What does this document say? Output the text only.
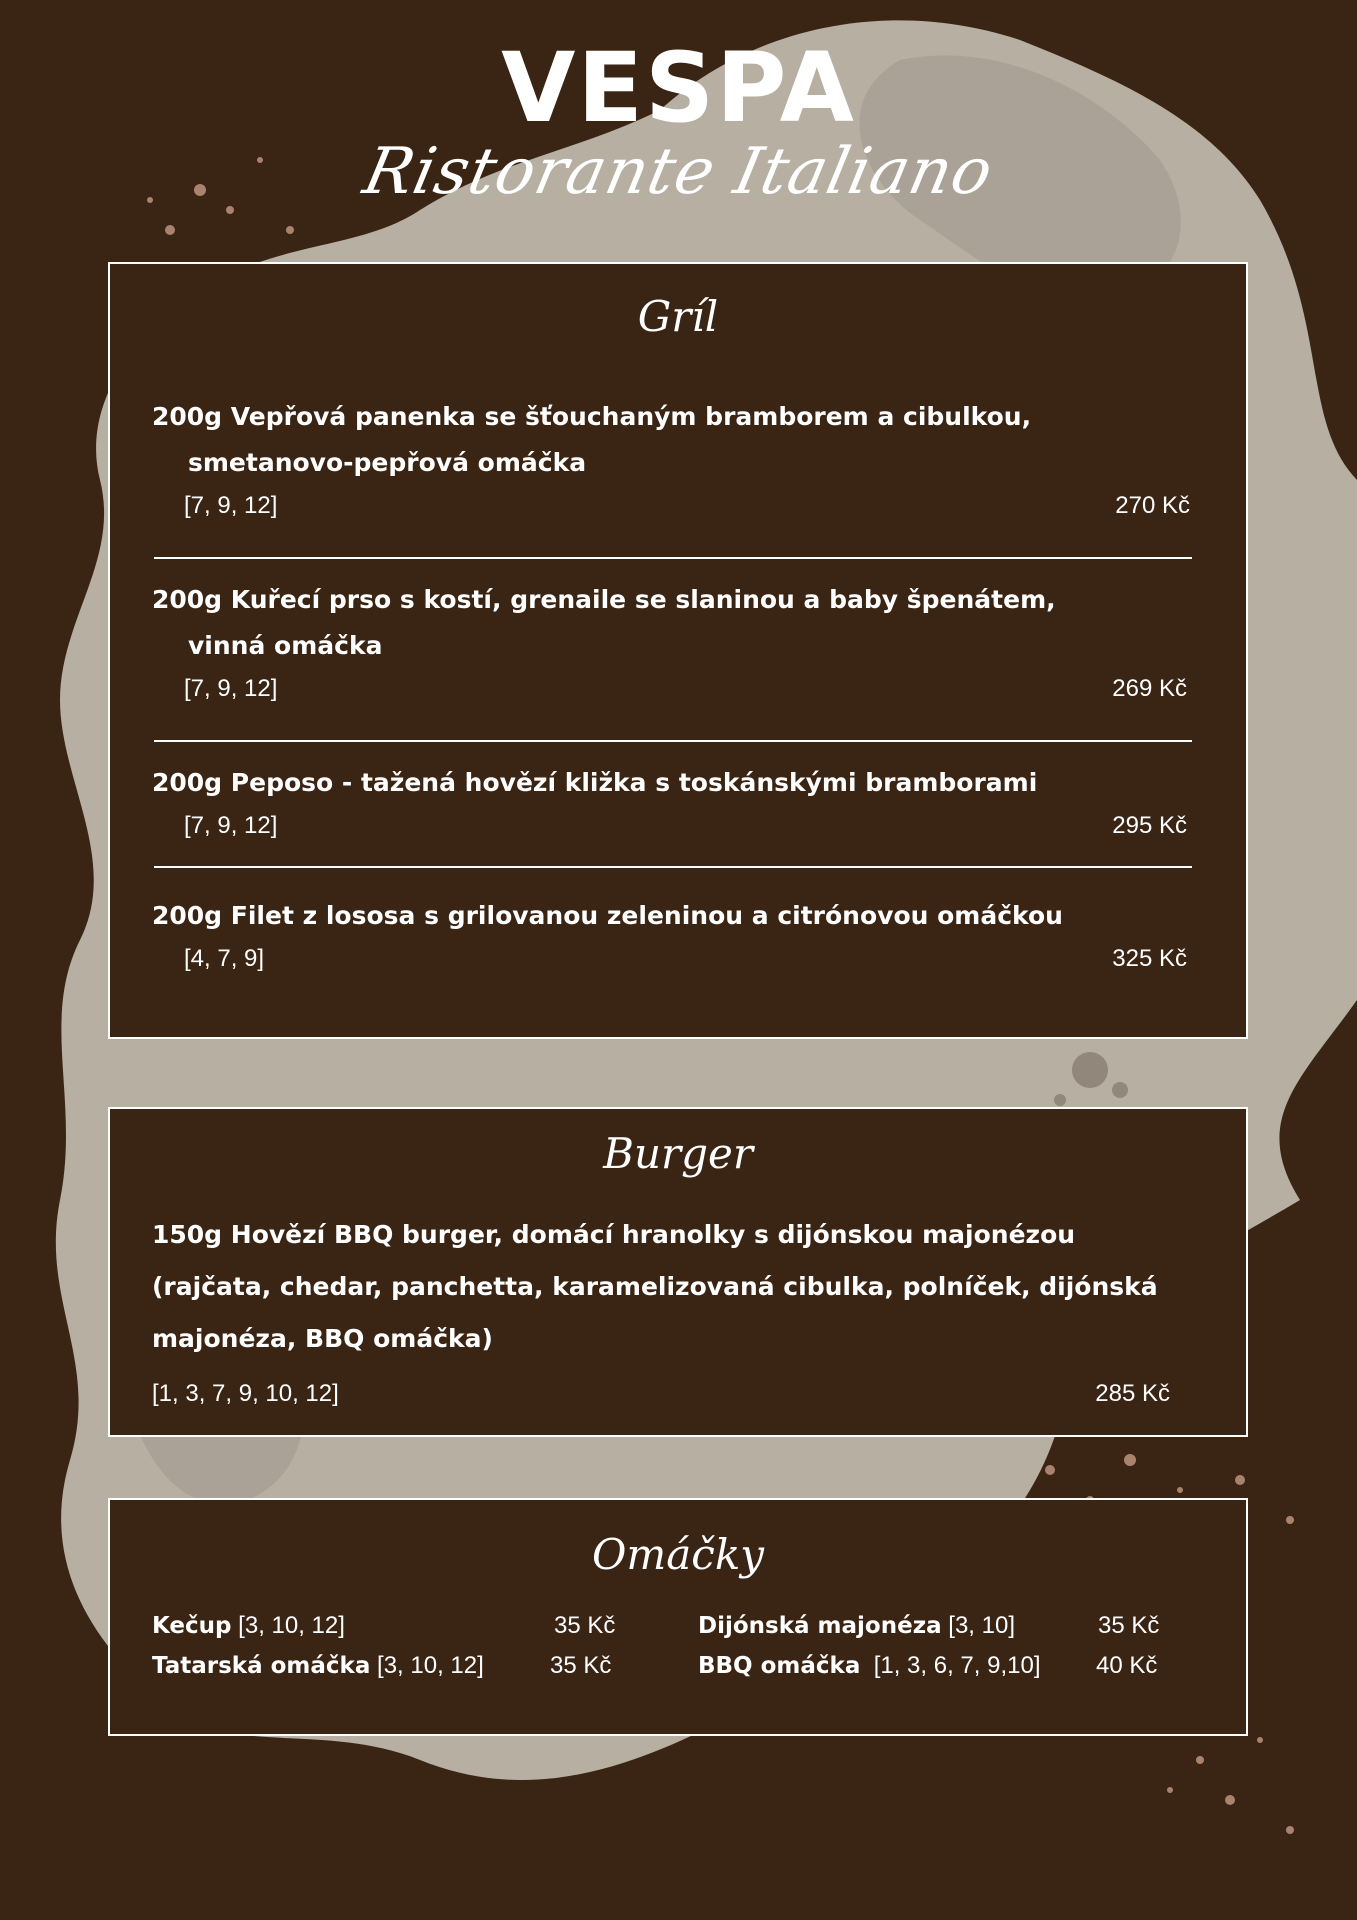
VESPA
Ristorante Italiano
Gríl
200g Vepřová panenka se šťouchaným bramborem a cibulkou,
smetanovo-pepřová omáčka
[7, 9, 12]	270 Kč
200g Kuřecí prso s kostí, grenaile se slaninou a baby špenátem,
vinná omáčka
[7, 9, 12]	269 Kč
200g Peposo - tažená hovězí kližka s toskánskými bramborami
[7, 9, 12]	295 Kč
200g Filet z lososa s grilovanou zeleninou a citrónovou omáčkou
[4, 7, 9]	325 Kč
Burger
150g Hovězí BBQ burger, domácí hranolky s dijónskou majonézou
(rajčata, chedar, panchetta, karamelizovaná cibulka, polníček, dijónská
majonéza, BBQ omáčka)
[1, 3, 7, 9, 10, 12]	285 Kč
Omáčky
Kečup [3, 10, 12]	35 Kč
Tatarská omáčka [3, 10, 12]	35 Kč
Dijónská majonéza [3, 10]	35 Kč
BBQ omáčka  [1, 3, 6, 7, 9,10] 40 Kč
